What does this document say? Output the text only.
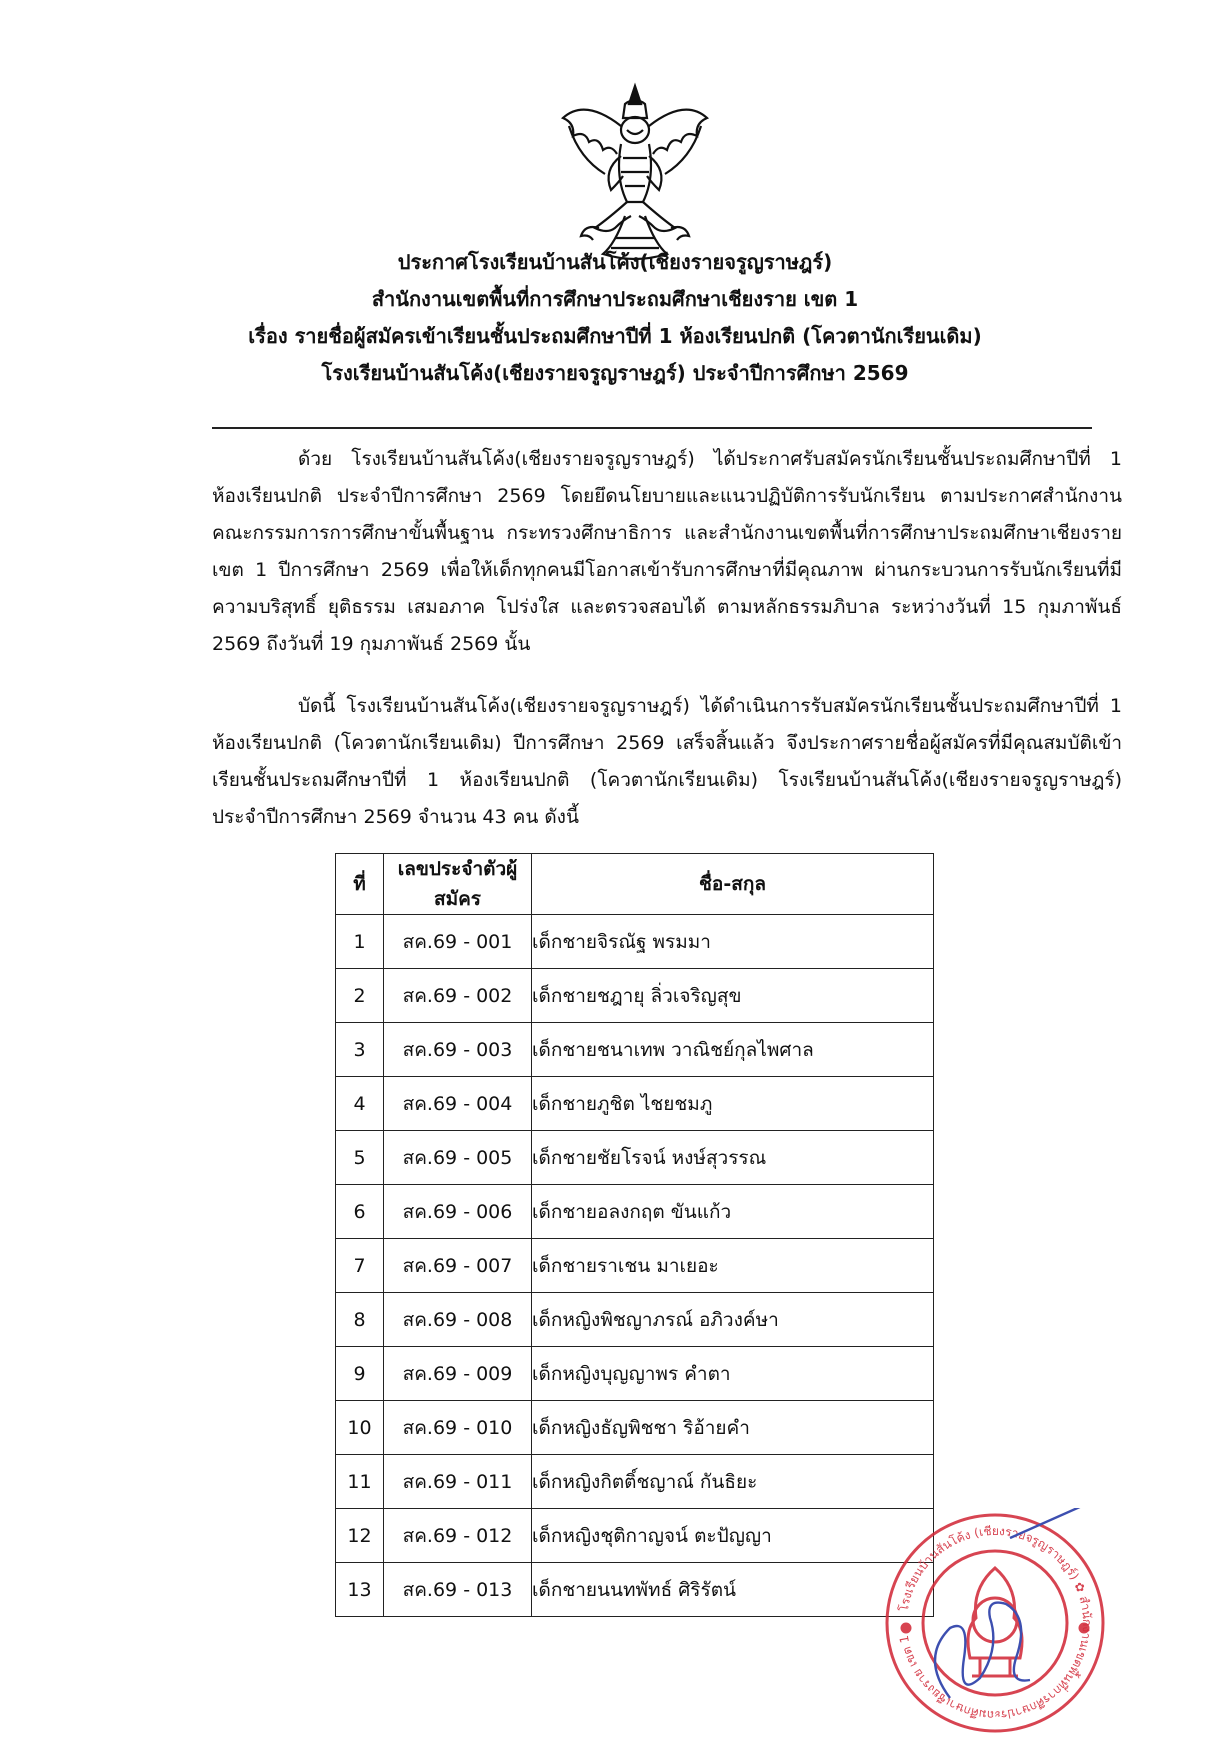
ประกาศโรงเรียนบ้านสันโค้ง(เชียงรายจรูญราษฎร์)
สำนักงานเขตพื้นที่การศึกษาประถมศึกษาเชียงราย เขต 1
เรื่อง รายชื่อผู้สมัครเข้าเรียนชั้นประถมศึกษาปีที่ 1 ห้องเรียนปกติ (โควตานักเรียนเดิม)
โรงเรียนบ้านสันโค้ง(เชียงรายจรูญราษฎร์) ประจำปีการศึกษา 2569
ด้วย โรงเรียนบ้านสันโค้ง(เชียงรายจรูญราษฎร์) ได้ประกาศรับสมัครนักเรียนชั้นประถมศึกษาปีที่ 1 ห้องเรียนปกติ ประจำปีการศึกษา 2569 โดยยึดนโยบายและแนวปฏิบัติการรับนักเรียน ตามประกาศสำนักงานคณะกรรมการการศึกษาขั้นพื้นฐาน กระทรวงศึกษาธิการ และสำนักงานเขตพื้นที่การศึกษาประถมศึกษาเชียงราย เขต 1 ปีการศึกษา 2569 เพื่อให้เด็กทุกคนมีโอกาสเข้ารับการศึกษาที่มีคุณภาพ ผ่านกระบวนการรับนักเรียนที่มีความบริสุทธิ์ ยุติธรรม เสมอภาค โปร่งใส และตรวจสอบได้ ตามหลักธรรมภิบาล ระหว่างวันที่ 15 กุมภาพันธ์ 2569 ถึงวันที่ 19 กุมภาพันธ์ 2569 นั้น
บัดนี้ โรงเรียนบ้านสันโค้ง(เชียงรายจรูญราษฎร์) ได้ดำเนินการรับสมัครนักเรียนชั้นประถมศึกษาปีที่ 1 ห้องเรียนปกติ (โควตานักเรียนเดิม) ปีการศึกษา 2569 เสร็จสิ้นแล้ว จึงประกาศรายชื่อผู้สมัครที่มีคุณสมบัติเข้าเรียนชั้นประถมศึกษาปีที่ 1 ห้องเรียนปกติ (โควตานักเรียนเดิม) โรงเรียนบ้านสันโค้ง(เชียงรายจรูญราษฎร์) ประจำปีการศึกษา 2569 จำนวน 43 คน ดังนี้
ที่	เลขประจำตัวผู้สมัคร	ชื่อ-สกุล
1	สค.69 - 001	เด็กชายจิรณัฐ พรมมา
2	สค.69 - 002	เด็กชายชฎายุ ลิ่วเจริญสุข
3	สค.69 - 003	เด็กชายชนาเทพ วาณิชย์กุลไพศาล
4	สค.69 - 004	เด็กชายภูชิต ไชยชมภู
5	สค.69 - 005	เด็กชายชัยโรจน์ หงษ์สุวรรณ
6	สค.69 - 006	เด็กชายอลงกฤต ขันแก้ว
7	สค.69 - 007	เด็กชายราเชน มาเยอะ
8	สค.69 - 008	เด็กหญิงพิชญาภรณ์ อภิวงค์ษา
9	สค.69 - 009	เด็กหญิงบุญญาพร คำตา
10	สค.69 - 010	เด็กหญิงธัญพิชชา ริอ้ายคำ
11	สค.69 - 011	เด็กหญิงกิตติ์ชญาณ์ กันธิยะ
12	สค.69 - 012	เด็กหญิงชุติกาญจน์ ตะปัญญา
13	สค.69 - 013	เด็กชายนนทพัทธ์ ศิริรัตน์
โรงเรียนบ้านสันโค้ง (เชียงรายจรูญราษฎร์) ✿ สำนักงานเขตพื้นที่การศึกษาประถมศึกษาเชียงราย เขต 1
